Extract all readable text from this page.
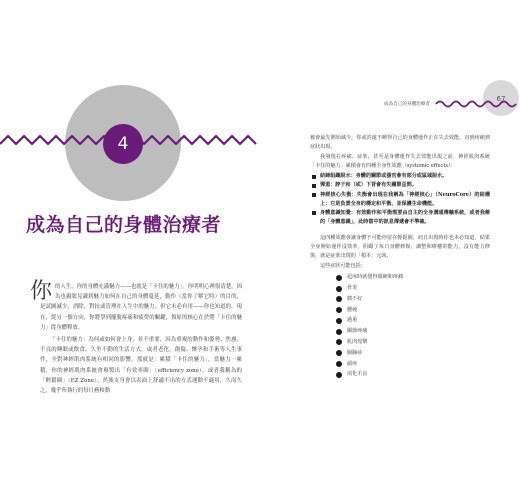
4
成為自己的身體治療者

你的人生，你的身體充滿魅力——也就是「卡住的魅力」。你明明心裡很清楚，因為也親眼見識到魅力如何在自己的身體蔓延，動作（當你了解它時）的目的，是試圖減少、消除，對抗或管理在人生中的魅力。但它未必有用——你也知道的，現在，從另一個方向，你將學到擺脫疼痛和疲勞的關鍵，復原的核心在於將「卡住的魅力」從身體釋放。

「卡住的魅力」為何或如何會上身，並不重要，因為重複的動作和姿勢、焦慮、不良的睡眠或飲食、久坐不動的生活方式，或者老化、創傷、懷孕和手術等人生事件，全對神經肌肉系統有相同的影響。那就是：累積「卡住的魅力」，當魅力一累積，你的神經肌肉系統會複製出「有效率圈」（efficiency zone），或者我稱為的「輕鬆圈」（EZ Zone），然後支身會以表面上舒適不出的方式運動不適用，久而久之，幾乎所執行的每日務和動

成為自己的身體治療者
67

被會最先開始減少，你或許還不曉得自己的身體運作正在失去效能，直到疼痛到症狀出現。

我發現在疼痛、症狀，甚至是身體運作失去效能出現之前，神經肌肉系統「卡住的魅力」累積會有四種全身性效應（systemic effects）：

結締組織脫水：身體的關節或器官會有部分或區域脫水。
彈道：脖子和（或）下背會有失關節歪問。
神經核心失衡：失衡會出現在我稱為「神經核心」（NeuroCore）的結構上：它是負責全身的穩定和平衡，並保護生命機能。
身體意識知覺：有效動作和平衡需要由自主的全身溝通傳輸系統，或者我稱的「身體意識」，此時當中的訊息傳遞會不準確。

這四種效應會讓身體不可能停留在輕鬆圈，而且出現時你也未必知道，結果全身開始運作沒效率，阻礙了每日身體修復、調整和療癒的能力，沒有能力修復，就是症狀出現的「根本」元凶。

這些症狀可能包括：

起床時就覺得僵硬和疼痛
骨炎
膝不好
腰疲
過重
關節疼痛
肌肉痙攣
腸躁症
頭疼
消化不良
